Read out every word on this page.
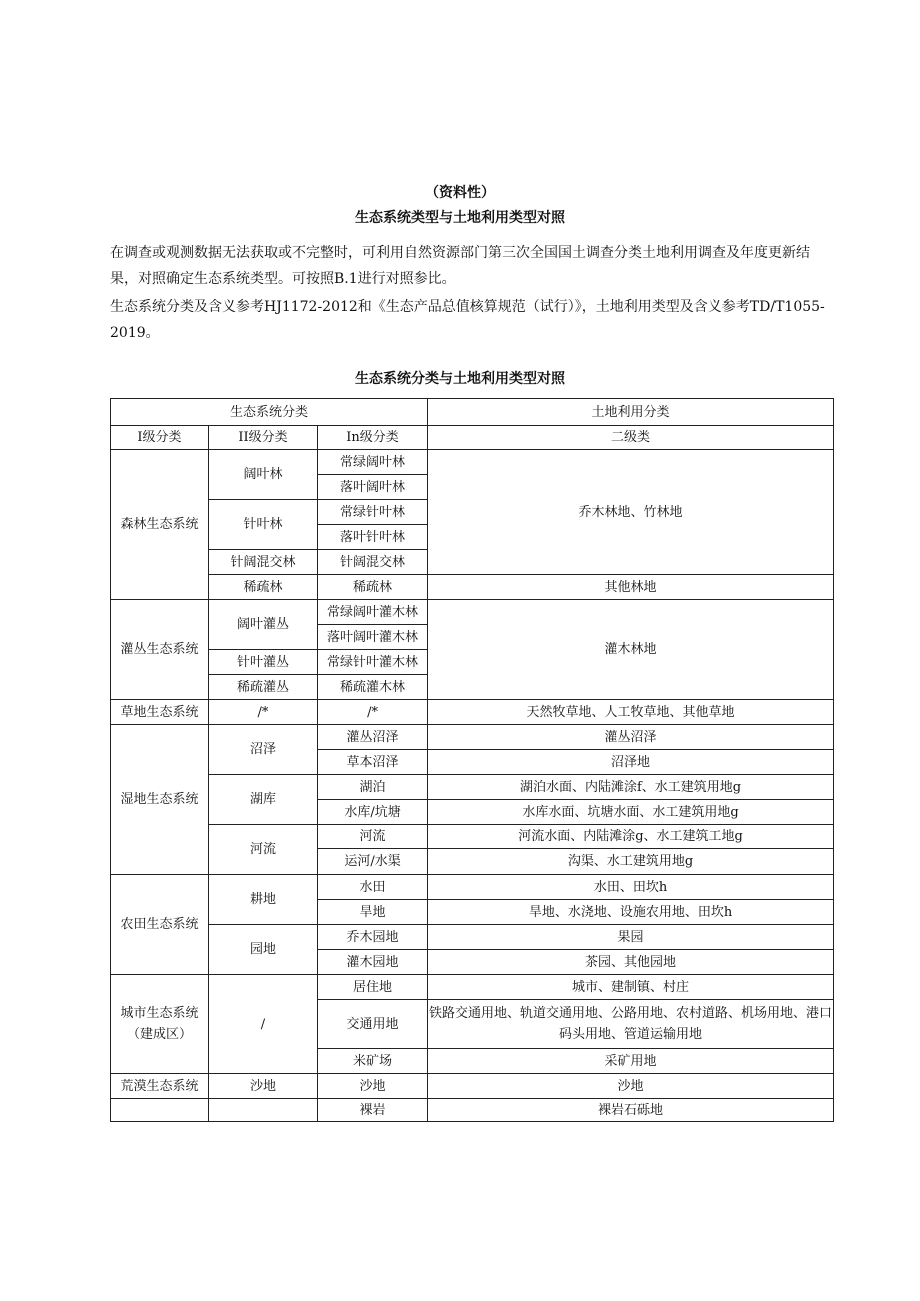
（资料性）
生态系统类型与土地利用类型对照
在调查或观测数据无法获取或不完整时，可利用自然资源部门第三次全国国土调查分类土地利用调查及年度更新结果，对照确定生态系统类型。可按照B.1进行对照参比。
生态系统分类及含义参考HJ1172-2012和《生态产品总值核算规范（试行）》，土地利用类型及含义参考TD/T1055-2019。
生态系统分类与土地利用类型对照
生态系统分类			土地利用分类
I级分类	II级分类	In级分类	二级类
森林生态系统	阔叶林	常绿阔叶林	乔木林地、竹林地
		落叶阔叶林	
	针叶林	常绿针叶林	
		落叶针叶林	
	针阔混交林	针阔混交林	
	稀疏林	稀疏林	其他林地
灌丛生态系统	阔叶灌丛	常绿阔叶灌木林	灌木林地
		落叶阔叶灌木林	
	针叶灌丛	常绿针叶灌木林	
	稀疏灌丛	稀疏灌木林	
草地生态系统	/*	/*	天然牧草地、人工牧草地、其他草地
湿地生态系统	沼泽	灌丛沼泽	灌丛沼泽
		草本沼泽	沼泽地
	湖库	湖泊	湖泊水面、内陆滩涂f、水工建筑用地g
		水库/坑塘	水库水面、坑塘水面、水工建筑用地g
	河流	河流	河流水面、内陆滩涂g、水工建筑工地g
		运河/水渠	沟渠、水工建筑用地g
农田生态系统	耕地	水田	水田、田坎h
		旱地	旱地、水浇地、设施农用地、田坎h
	园地	乔木园地	果园
		灌木园地	茶园、其他园地

城市生态系统
（建成区）	/	居住地	城市、建制镇、村庄
		交通用地	铁路交通用地、轨道交通用地、公路用地、农村道路、机场用地、港口码头用地、管道运输用地
		米矿场	采矿用地
荒漠生态系统	沙地	沙地	沙地
		裸岩	裸岩石砾地
